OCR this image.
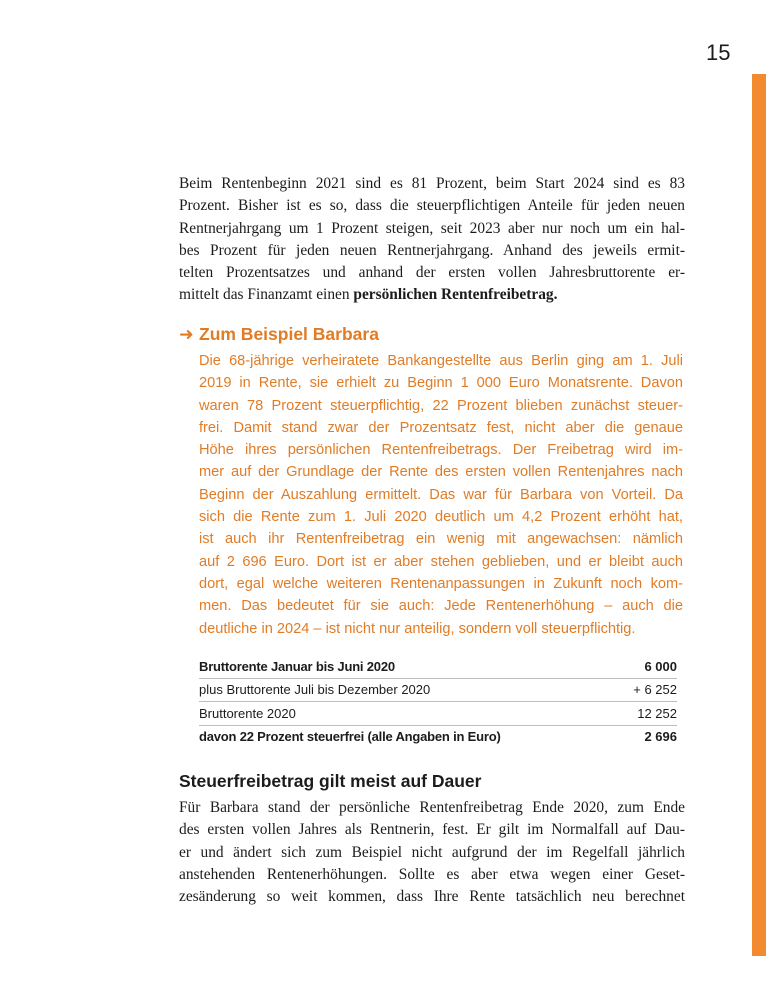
15
Beim Rentenbeginn 2021 sind es 81 Prozent, beim Start 2024 sind es 83
Prozent. Bisher ist es so, dass die steuerpflichtigen Anteile für jeden neuen
Rentnerjahrgang um 1 Prozent steigen, seit 2023 aber nur noch um ein hal-
bes Prozent für jeden neuen Rentnerjahrgang. Anhand des jeweils ermit-
telten Prozentsatzes und anhand der ersten vollen Jahresbruttorente er-
mittelt das Finanzamt einen persönlichen Rentenfreibetrag.
➜ Zum Beispiel Barbara
Die 68-jährige verheiratete Bankangestellte aus Berlin ging am 1. Juli
2019 in Rente, sie erhielt zu Beginn 1 000 Euro Monatsrente. Davon
waren 78 Prozent steuerpflichtig, 22 Prozent blieben zunächst steuer-
frei. Damit stand zwar der Prozentsatz fest, nicht aber die genaue
Höhe ihres persönlichen Rentenfreibetrags. Der Freibetrag wird im-
mer auf der Grundlage der Rente des ersten vollen Rentenjahres nach
Beginn der Auszahlung ermittelt. Das war für Barbara von Vorteil. Da
sich die Rente zum 1. Juli 2020 deutlich um 4,2 Prozent erhöht hat,
ist auch ihr Rentenfreibetrag ein wenig mit angewachsen: nämlich
auf 2 696 Euro. Dort ist er aber stehen geblieben, und er bleibt auch
dort, egal welche weiteren Rentenanpassungen in Zukunft noch kom-
men. Das bedeutet für sie auch: Jede Rentenerhöhung – auch die
deutliche in 2024 – ist nicht nur anteilig, sondern voll steuerpflichtig.
Bruttorente Januar bis Juni 2020	6 000
plus Bruttorente Juli bis Dezember 2020	+ 6 252
Bruttorente 2020	12 252
davon 22 Prozent steuerfrei (alle Angaben in Euro)	2 696
Steuerfreibetrag gilt meist auf Dauer
Für Barbara stand der persönliche Rentenfreibetrag Ende 2020, zum Ende
des ersten vollen Jahres als Rentnerin, fest. Er gilt im Normalfall auf Dau-
er und ändert sich zum Beispiel nicht aufgrund der im Regelfall jährlich
anstehenden Rentenerhöhungen. Sollte es aber etwa wegen einer Geset-
zesänderung so weit kommen, dass Ihre Rente tatsächlich neu berechnet
